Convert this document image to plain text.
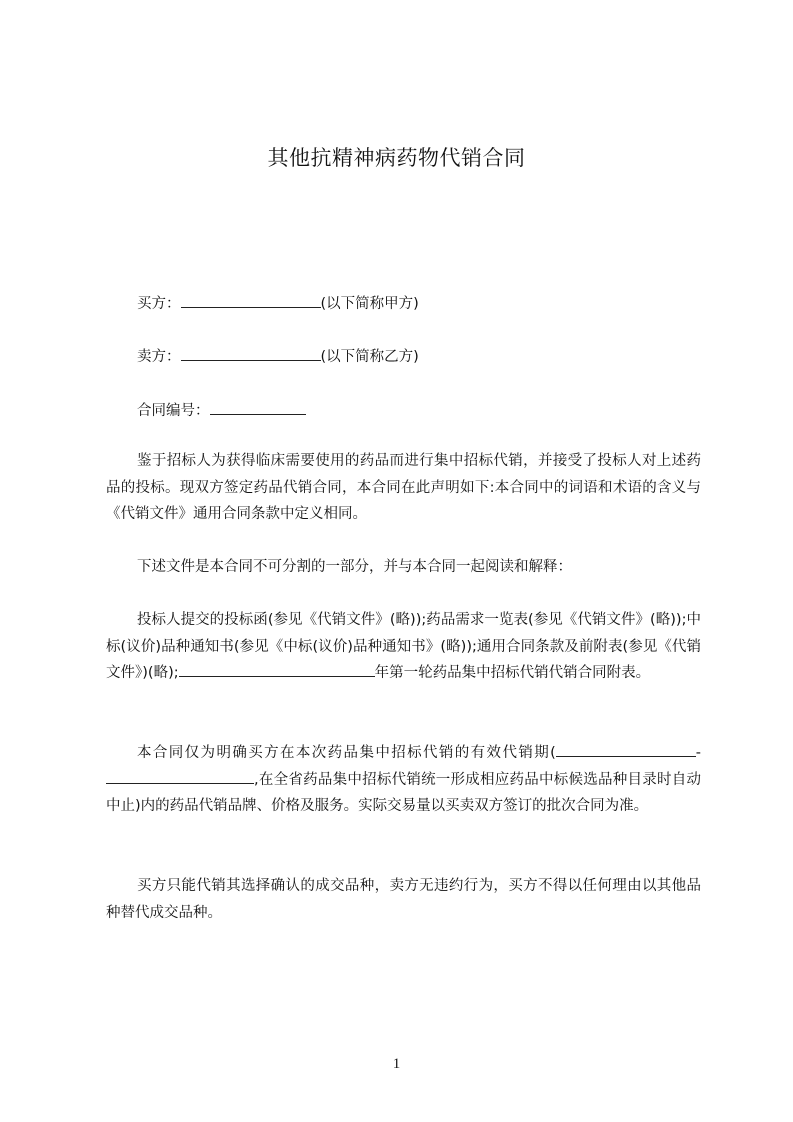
其他抗精神病药物代销合同
买方：	(以下简称甲方)
卖方：	(以下简称乙方)
合同编号：
鉴于招标人为获得临床需要使用的药品而进行集中招标代销，并接受了投标人对上述药品的投标。现双方签定药品代销合同，本合同在此声明如下:本合同中的词语和术语的含义与《代销文件》通用合同条款中定义相同。
下述文件是本合同不可分割的一部分，并与本合同一起阅读和解释：
投标人提交的投标函(参见《代销文件》(略));药品需求一览表(参见《代销文件》(略));中标(议价)品种通知书(参见《中标(议价)品种通知书》(略));通用合同条款及前附表(参见《代销文件》)(略);	年第一轮药品集中招标代销代销合同附表。
本合同仅为明确买方在本次药品集中招标代销的有效代销期(	-,在全省药品集中招标代销统一形成相应药品中标候选品种目录时自动中止)内的药品代销品牌、价格及服务。实际交易量以买卖双方签订的批次合同为准。
买方只能代销其选择确认的成交品种，卖方无违约行为，买方不得以任何理由以其他品种替代成交品种。
1
